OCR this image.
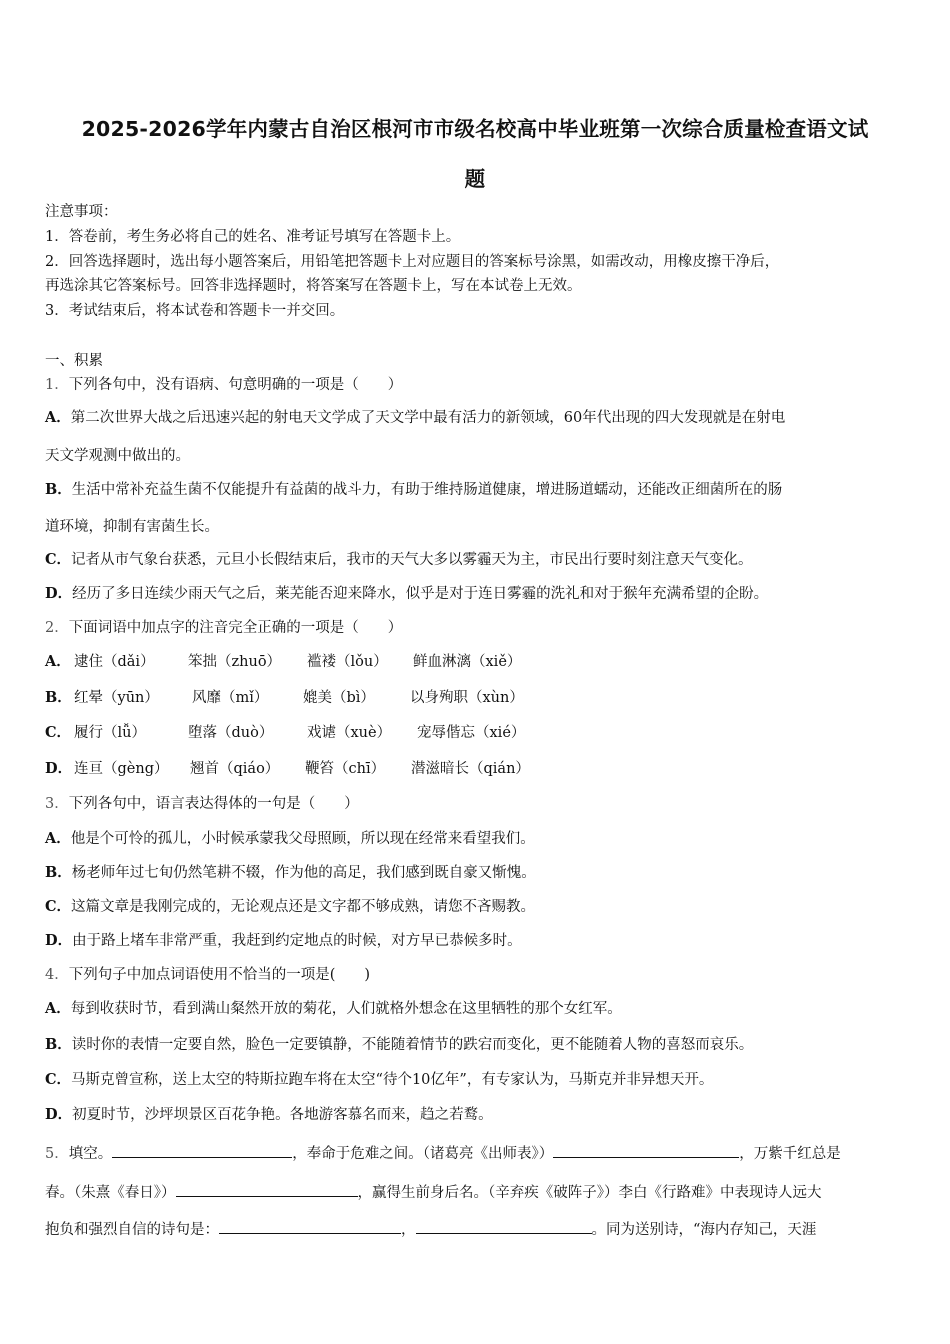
2025-2026学年内蒙古自治区根河市市级名校高中毕业班第一次综合质量检查语文试
题
注意事项：
1．答卷前，考生务必将自己的姓名、准考证号填写在答题卡上。
2．回答选择题时，选出每小题答案后，用铅笔把答题卡上对应题目的答案标号涂黑，如需改动，用橡皮擦干净后，
再选涂其它答案标号。回答非选择题时，将答案写在答题卡上，写在本试卷上无效。
3．考试结束后，将本试卷和答题卡一并交回。
一、积累
1．下列各句中，没有语病、句意明确的一项是（　　）
A．第二次世界大战之后迅速兴起的射电天文学成了天文学中最有活力的新领域，60年代出现的四大发现就是在射电
天文学观测中做出的。
B．生活中常补充益生菌不仅能提升有益菌的战斗力，有助于维持肠道健康，增进肠道蠕动，还能改正细菌所在的肠
道环境，抑制有害菌生长。
C．记者从市气象台获悉，元旦小长假结束后，我市的天气大多以雾霾天为主，市民出行要时刻注意天气变化。
D．经历了多日连续少雨天气之后，莱芜能否迎来降水，似乎是对于连日雾霾的洗礼和对于猴年充满希望的企盼。
2．下面词语中加点字的注音完全正确的一项是（　　）
A． 逮住（dǎi） 笨拙（zhuō） 褴褛（lǒu） 鲜血淋漓（xiě）
B． 红晕（yūn） 风靡（mǐ） 媲美（bì） 以身殉职（xùn）
C． 履行（lǚ）	堕落（duò） 戏谑（xuè） 宠辱偕忘（xié）
D． 连亘（gèng） 翘首（qiáo） 鞭笞（chī） 潜滋暗长（qián）
3．下列各句中，语言表达得体的一句是（　　）
A．他是个可怜的孤儿，小时候承蒙我父母照顾，所以现在经常来看望我们。
B．杨老师年过七旬仍然笔耕不辍，作为他的高足，我们感到既自豪又惭愧。
C．这篇文章是我刚完成的，无论观点还是文字都不够成熟，请您不吝赐教。
D．由于路上堵车非常严重，我赶到约定地点的时候，对方早已恭候多时。
4．下列句子中加点词语使用不恰当的一项是(　　)
A．每到收获时节，看到满山粲然开放的菊花，人们就格外想念在这里牺牲的那个女红军。
B．读时你的表情一定要自然，脸色一定要镇静，不能随着情节的跌宕而变化，更不能随着人物的喜怒而哀乐。
C．马斯克曾宣称，送上太空的特斯拉跑车将在太空“待个10亿年”，有专家认为，马斯克并非异想天开。
D．初夏时节，沙坪坝景区百花争艳。各地游客慕名而来，趋之若鹜。
5．填空。	，奉命于危难之间。（诸葛亮《出师表》）	，万紫千红总是
春。（朱熹《春日》）	，赢得生前身后名。（辛弃疾《破阵子》）李白《行路难》中表现诗人远大
抱负和强烈自信的诗句是：	，	。同为送别诗，“海内存知己，天涯
